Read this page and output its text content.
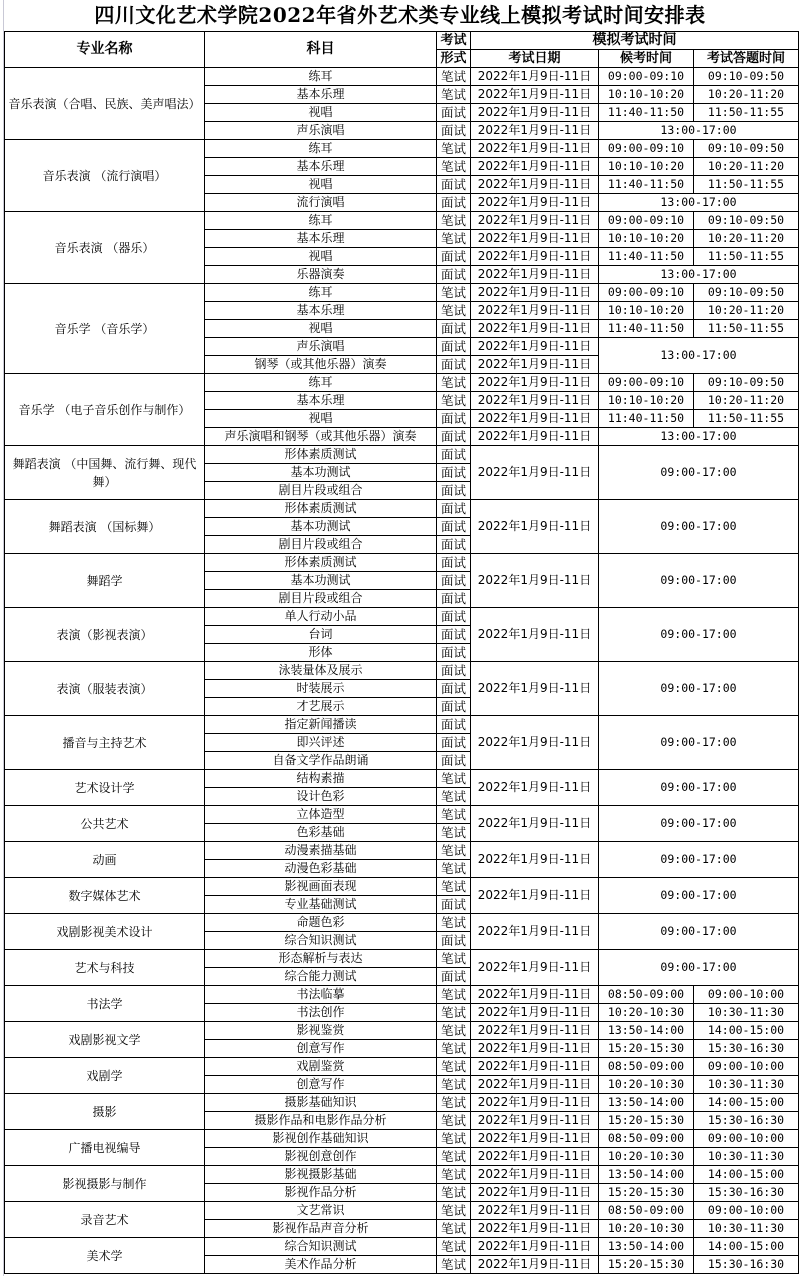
四川文化艺术学院2022年省外艺术类专业线上模拟考试时间安排表
专业名称	科目	考试	模拟考试时间		
		形式	考试日期	候考时间	考试答题时间
音乐表演（合唱、民族、美声唱法）	练耳	笔试	2022年1月9日-11日	09:00-09:10	09:10-09:50
	基本乐理	笔试	2022年1月9日-11日	10:10-10:20	10:20-11:20
	视唱	面试	2022年1月9日-11日	11:40-11:50	11:50-11:55
	声乐演唱	面试	2022年1月9日-11日	13:00-17:00	
音乐表演 （流行演唱）	练耳	笔试	2022年1月9日-11日	09:00-09:10	09:10-09:50
	基本乐理	笔试	2022年1月9日-11日	10:10-10:20	10:20-11:20
	视唱	面试	2022年1月9日-11日	11:40-11:50	11:50-11:55
	流行演唱	面试	2022年1月9日-11日	13:00-17:00	
音乐表演 （器乐）	练耳	笔试	2022年1月9日-11日	09:00-09:10	09:10-09:50
	基本乐理	笔试	2022年1月9日-11日	10:10-10:20	10:20-11:20
	视唱	面试	2022年1月9日-11日	11:40-11:50	11:50-11:55
	乐器演奏	面试	2022年1月9日-11日	13:00-17:00	
音乐学 （音乐学）	练耳	笔试	2022年1月9日-11日	09:00-09:10	09:10-09:50
	基本乐理	笔试	2022年1月9日-11日	10:10-10:20	10:20-11:20
	视唱	面试	2022年1月9日-11日	11:40-11:50	11:50-11:55
	声乐演唱	面试	2022年1月9日-11日	13:00-17:00	
	钢琴（或其他乐器）演奏	面试	2022年1月9日-11日		
音乐学 （电子音乐创作与制作）	练耳	笔试	2022年1月9日-11日	09:00-09:10	09:10-09:50
	基本乐理	笔试	2022年1月9日-11日	10:10-10:20	10:20-11:20
	视唱	面试	2022年1月9日-11日	11:40-11:50	11:50-11:55
	声乐演唱和钢琴（或其他乐器）演奏	面试	2022年1月9日-11日	13:00-17:00	
舞蹈表演 （中国舞、流行舞、现代舞）	形体素质测试	面试	2022年1月9日-11日	09:00-17:00	
	基本功测试	面试			
	剧目片段或组合	面试			
舞蹈表演 （国标舞）	形体素质测试	面试	2022年1月9日-11日	09:00-17:00	
	基本功测试	面试			
	剧目片段或组合	面试			
舞蹈学	形体素质测试	面试	2022年1月9日-11日	09:00-17:00	
	基本功测试	面试			
	剧目片段或组合	面试			
表演（影视表演）	单人行动小品	面试	2022年1月9日-11日	09:00-17:00	
	台词	面试			
	形体	面试			
表演（服装表演）	泳装量体及展示	面试	2022年1月9日-11日	09:00-17:00	
	时装展示	面试			
	才艺展示	面试			
播音与主持艺术	指定新闻播读	面试	2022年1月9日-11日	09:00-17:00	
	即兴评述	面试			
	自备文学作品朗诵	面试			
艺术设计学	结构素描	笔试	2022年1月9日-11日	09:00-17:00	
	设计色彩	笔试			
公共艺术	立体造型	笔试	2022年1月9日-11日	09:00-17:00	
	色彩基础	笔试			
动画	动漫素描基础	笔试	2022年1月9日-11日	09:00-17:00	
	动漫色彩基础	笔试			
数字媒体艺术	影视画面表现	笔试	2022年1月9日-11日	09:00-17:00	
	专业基础测试	面试			
戏剧影视美术设计	命题色彩	笔试	2022年1月9日-11日	09:00-17:00	
	综合知识测试	面试			
艺术与科技	形态解析与表达	笔试	2022年1月9日-11日	09:00-17:00	
	综合能力测试	面试			
书法学	书法临摹	笔试	2022年1月9日-11日	08:50-09:00	09:00-10:00
	书法创作	笔试	2022年1月9日-11日	10:20-10:30	10:30-11:30
戏剧影视文学	影视鉴赏	笔试	2022年1月9日-11日	13:50-14:00	14:00-15:00
	创意写作	笔试	2022年1月9日-11日	15:20-15:30	15:30-16:30
戏剧学	戏剧鉴赏	笔试	2022年1月9日-11日	08:50-09:00	09:00-10:00
	创意写作	笔试	2022年1月9日-11日	10:20-10:30	10:30-11:30
摄影	摄影基础知识	笔试	2022年1月9日-11日	13:50-14:00	14:00-15:00
	摄影作品和电影作品分析	笔试	2022年1月9日-11日	15:20-15:30	15:30-16:30
广播电视编导	影视创作基础知识	笔试	2022年1月9日-11日	08:50-09:00	09:00-10:00
	影视创意创作	笔试	2022年1月9日-11日	10:20-10:30	10:30-11:30
影视摄影与制作	影视摄影基础	笔试	2022年1月9日-11日	13:50-14:00	14:00-15:00
	影视作品分析	笔试	2022年1月9日-11日	15:20-15:30	15:30-16:30
录音艺术	文艺常识	笔试	2022年1月9日-11日	08:50-09:00	09:00-10:00
	影视作品声音分析	笔试	2022年1月9日-11日	10:20-10:30	10:30-11:30
美术学	综合知识测试	笔试	2022年1月9日-11日	13:50-14:00	14:00-15:00
	美术作品分析	笔试	2022年1月9日-11日	15:20-15:30	15:30-16:30
